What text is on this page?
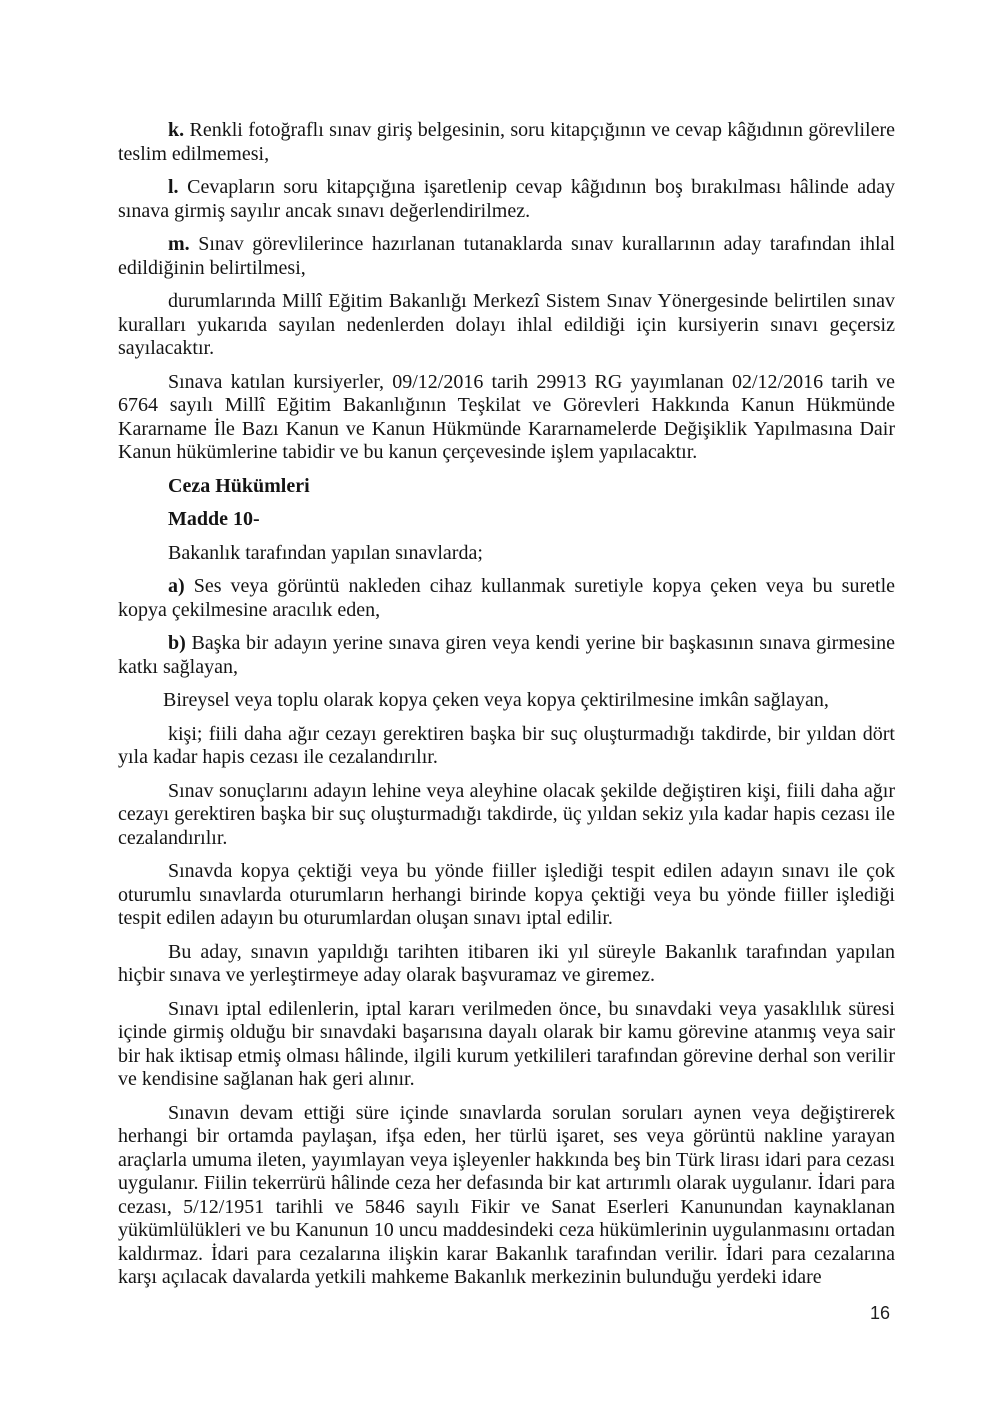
k. Renkli fotoğraflı sınav giriş belgesinin, soru kitapçığının ve cevap kâğıdının görevlilere teslim edilmemesi,

l. Cevapların soru kitapçığına işaretlenip cevap kâğıdının boş bırakılması hâlinde aday sınava girmiş sayılır ancak sınavı değerlendirilmez.

m. Sınav görevlilerince hazırlanan tutanaklarda sınav kurallarının aday tarafından ihlal edildiğinin belirtilmesi,

durumlarında Millî Eğitim Bakanlığı Merkezî Sistem Sınav Yönergesinde belirtilen sınav kuralları yukarıda sayılan nedenlerden dolayı ihlal edildiği için kursiyerin sınavı geçersiz sayılacaktır.

Sınava katılan kursiyerler, 09/12/2016 tarih 29913 RG yayımlanan 02/12/2016 tarih ve 6764 sayılı Millî Eğitim Bakanlığının Teşkilat ve Görevleri Hakkında Kanun Hükmünde Kararname İle Bazı Kanun ve Kanun Hükmünde Kararnamelerde Değişiklik Yapılmasına Dair Kanun hükümlerine tabidir ve bu kanun çerçevesinde işlem yapılacaktır.

Ceza Hükümleri

Madde 10-

Bakanlık tarafından yapılan sınavlarda;

a) Ses veya görüntü nakleden cihaz kullanmak suretiyle kopya çeken veya bu suretle kopya çekilmesine aracılık eden,

b) Başka bir adayın yerine sınava giren veya kendi yerine bir başkasının sınava girmesine katkı sağlayan,

Bireysel veya toplu olarak kopya çeken veya kopya çektirilmesine imkân sağlayan,

kişi; fiili daha ağır cezayı gerektiren başka bir suç oluşturmadığı takdirde, bir yıldan dört yıla kadar hapis cezası ile cezalandırılır.

Sınav sonuçlarını adayın lehine veya aleyhine olacak şekilde değiştiren kişi, fiili daha ağır cezayı gerektiren başka bir suç oluşturmadığı takdirde, üç yıldan sekiz yıla kadar hapis cezası ile cezalandırılır.

Sınavda kopya çektiği veya bu yönde fiiller işlediği tespit edilen adayın sınavı ile çok oturumlu sınavlarda oturumların herhangi birinde kopya çektiği veya bu yönde fiiller işlediği tespit edilen adayın bu oturumlardan oluşan sınavı iptal edilir.

Bu aday, sınavın yapıldığı tarihten itibaren iki yıl süreyle Bakanlık tarafından yapılan hiçbir sınava ve yerleştirmeye aday olarak başvuramaz ve giremez.

Sınavı iptal edilenlerin, iptal kararı verilmeden önce, bu sınavdaki veya yasaklılık süresi içinde girmiş olduğu bir sınavdaki başarısına dayalı olarak bir kamu görevine atanmış veya sair bir hak iktisap etmiş olması hâlinde, ilgili kurum yetkilileri tarafından görevine derhal son verilir ve kendisine sağlanan hak geri alınır.

Sınavın devam ettiği süre içinde sınavlarda sorulan soruları aynen veya değiştirerek herhangi bir ortamda paylaşan, ifşa eden, her türlü işaret, ses veya görüntü nakline yarayan araçlarla umuma ileten, yayımlayan veya işleyenler hakkında beş bin Türk lirası idari para cezası uygulanır. Fiilin tekerrürü hâlinde ceza her defasında bir kat artırımlı olarak uygulanır. İdari para cezası, 5/12/1951 tarihli ve 5846 sayılı Fikir ve Sanat Eserleri Kanunundan kaynaklanan yükümlülükleri ve bu Kanunun 10 uncu maddesindeki ceza hükümlerinin uygulanmasını ortadan kaldırmaz. İdari para cezalarına ilişkin karar Bakanlık tarafından verilir. İdari para cezalarına karşı açılacak davalarda yetkili mahkeme Bakanlık merkezinin bulunduğu yerdeki idare

16
